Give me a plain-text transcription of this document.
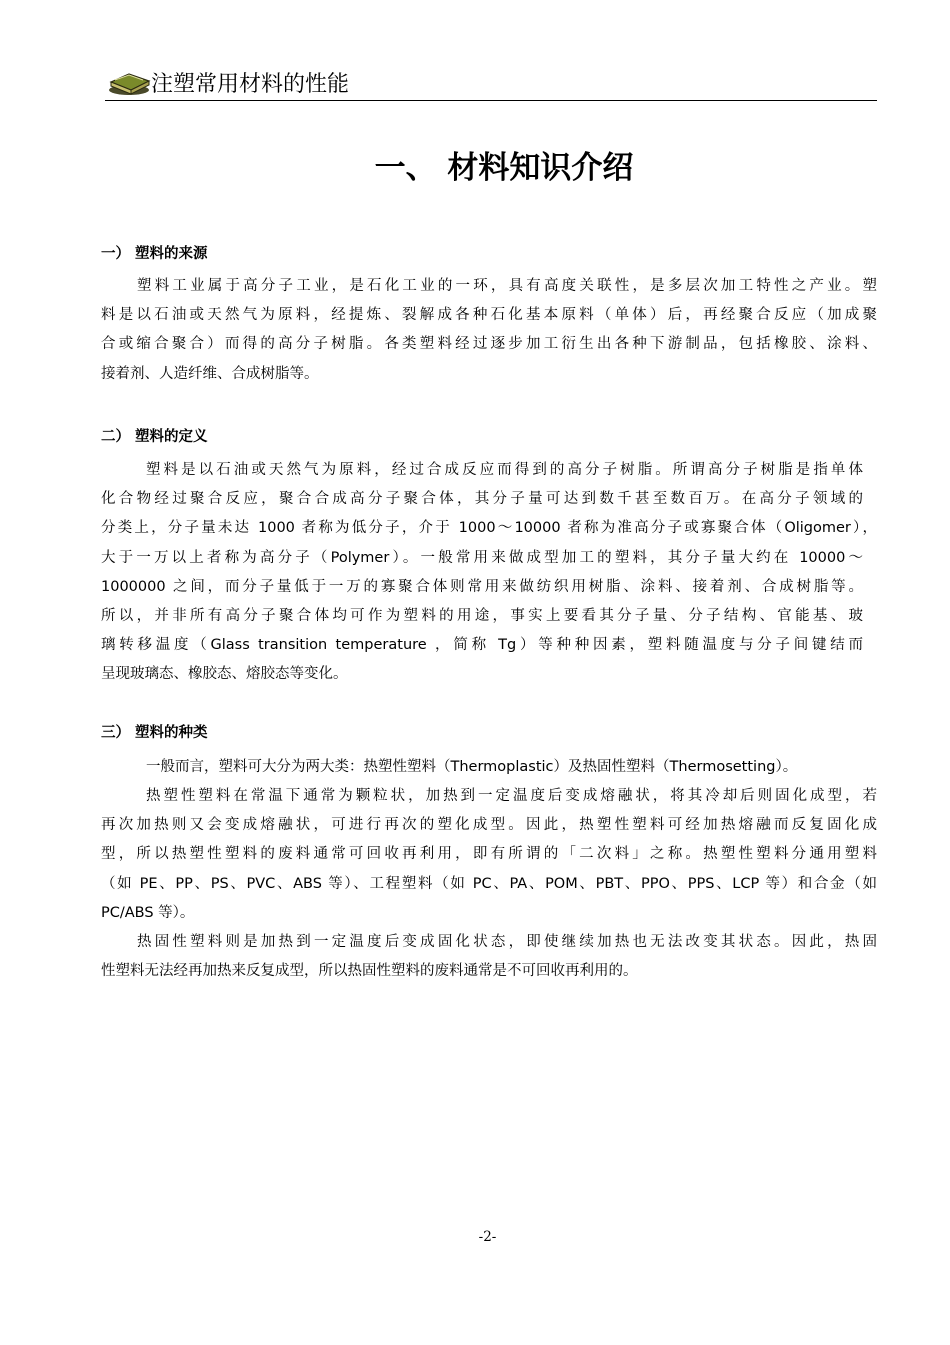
注塑常用材料的性能
一、 材料知识介绍
一） 塑料的来源
塑料工业属于高分子工业，是石化工业的一环，具有高度关联性，是多层次加工特性之产业。塑
料是以石油或天然气为原料，经提炼、裂解成各种石化基本原料（单体）后，再经聚合反应（加成聚
合或缩合聚合）而得的高分子树脂。各类塑料经过逐步加工衍生出各种下游制品，包括橡胶、涂料、
接着剂、人造纤维、合成树脂等。
二） 塑料的定义
塑料是以石油或天然气为原料，经过合成反应而得到的高分子树脂。所谓高分子树脂是指单体
化合物经过聚合反应，聚合合成高分子聚合体，其分子量可达到数千甚至数百万。在高分子领域的
分类上，分子量未达 1000 者称为低分子，介于 1000～10000 者称为准高分子或寡聚合体（Oligomer），
大于一万以上者称为高分子（Polymer）。一般常用来做成型加工的塑料，其分子量大约在 10000～
1000000 之间，而分子量低于一万的寡聚合体则常用来做纺织用树脂、涂料、接着剂、合成树脂等。
所以，并非所有高分子聚合体均可作为塑料的用途，事实上要看其分子量、分子结构、官能基、玻
璃转移温度（Glass transition temperature ，简称 Tg）等种种因素，塑料随温度与分子间键结而
呈现玻璃态、橡胶态、熔胶态等变化。
三） 塑料的种类
一般而言，塑料可大分为两大类：热塑性塑料（Thermoplastic）及热固性塑料（Thermosetting）。
热塑性塑料在常温下通常为颗粒状，加热到一定温度后变成熔融状，将其冷却后则固化成型，若
再次加热则又会变成熔融状，可进行再次的塑化成型。因此，热塑性塑料可经加热熔融而反复固化成
型，所以热塑性塑料的废料通常可回收再利用，即有所谓的「二次料」之称。热塑性塑料分通用塑料
（如 PE、PP、PS、PVC、ABS 等）、工程塑料（如 PC、PA、POM、PBT、PPO、PPS、LCP 等）和合金（如
PC/ABS 等）。
热固性塑料则是加热到一定温度后变成固化状态，即使继续加热也无法改变其状态。因此，热固
性塑料无法经再加热来反复成型，所以热固性塑料的废料通常是不可回收再利用的。
-2-
